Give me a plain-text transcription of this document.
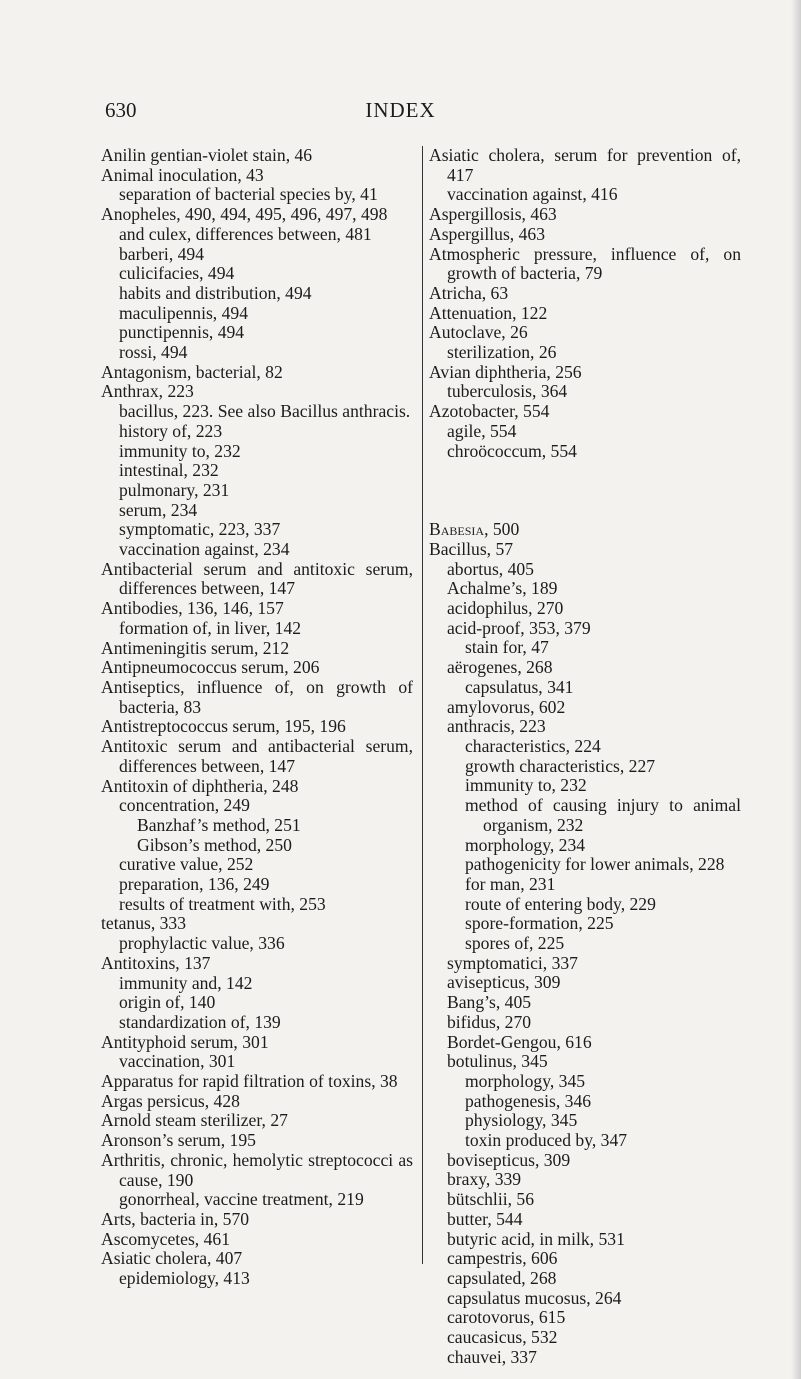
630	INDEX

Anilin gentian-violet stain, 46

Animal inoculation, 43

separation of bacterial species by, 41

Anopheles, 490, 494, 495, 496, 497, 498

and culex, differences between, 481

barberi, 494

culicifacies, 494

habits and distribution, 494

maculipennis, 494

punctipennis, 494

rossi, 494

Antagonism, bacterial, 82

Anthrax, 223

bacillus, 223. See also Bacillus anthracis.

history of, 223

immunity to, 232

intestinal, 232

pulmonary, 231

serum, 234

symptomatic, 223, 337

vaccination against, 234

Antibacterial serum and antitoxic serum, differences between, 147

Antibodies, 136, 146, 157

formation of, in liver, 142

Antimeningitis serum, 212

Antipneumococcus serum, 206

Antiseptics, influence of, on growth of bacteria, 83

Antistreptococcus serum, 195, 196

Antitoxic serum and antibacterial serum, differences between, 147

Antitoxin of diphtheria, 248

concentration, 249

Banzhaf’s method, 251

Gibson’s method, 250

curative value, 252

preparation, 136, 249

results of treatment with, 253

tetanus, 333

prophylactic value, 336

Antitoxins, 137

immunity and, 142

origin of, 140

standardization of, 139

Antityphoid serum, 301

vaccination, 301

Apparatus for rapid filtration of toxins, 38

Argas persicus, 428

Arnold steam sterilizer, 27

Aronson’s serum, 195

Arthritis, chronic, hemolytic streptococci as cause, 190

gonorrheal, vaccine treatment, 219

Arts, bacteria in, 570

Ascomycetes, 461

Asiatic cholera, 407

epidemiology, 413

Asiatic cholera, serum for prevention of, 417

vaccination against, 416

Aspergillosis, 463

Aspergillus, 463

Atmospheric pressure, influence of, on growth of bacteria, 79

Atricha, 63

Attenuation, 122

Autoclave, 26

sterilization, 26

Avian diphtheria, 256

tuberculosis, 364

Azotobacter, 554

agile, 554

chroöcoccum, 554

Babesia, 500

Bacillus, 57

abortus, 405

Achalme’s, 189

acidophilus, 270

acid-proof, 353, 379

stain for, 47

aërogenes, 268

capsulatus, 341

amylovorus, 602

anthracis, 223

characteristics, 224

growth characteristics, 227

immunity to, 232

method of causing injury to animal organism, 232

morphology, 234

pathogenicity for lower animals, 228

for man, 231

route of entering body, 229

spore-formation, 225

spores of, 225

symptomatici, 337

avisepticus, 309

Bang’s, 405

bifidus, 270

Bordet-Gengou, 616

botulinus, 345

morphology, 345

pathogenesis, 346

physiology, 345

toxin produced by, 347

bovisepticus, 309

braxy, 339

bütschlii, 56

butter, 544

butyric acid, in milk, 531

campestris, 606

capsulated, 268

capsulatus mucosus, 264

carotovorus, 615

caucasicus, 532

chauvei, 337
